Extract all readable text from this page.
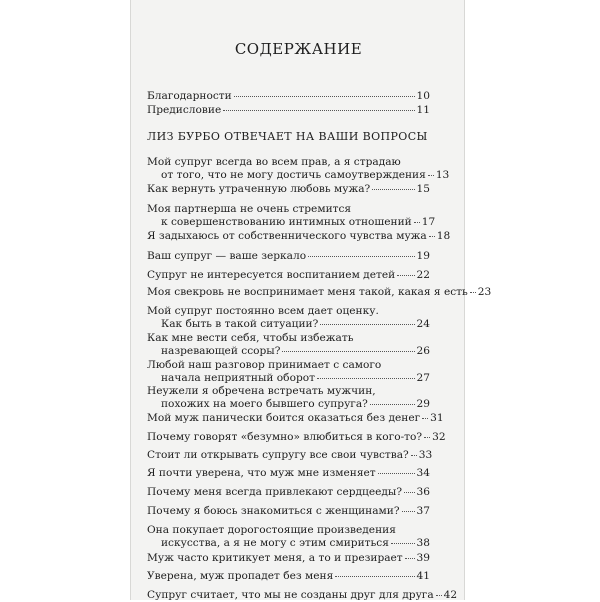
СОДЕРЖАНИЕ
Благодарности	10
Предисловие	11
ЛИЗ БУРБО ОТВЕЧАЕТ НА ВАШИ ВОПРОСЫ
Мой супруг всегда во всем прав, а я страдаю
от того, что не могу достичь самоутверждения 13
Как вернуть утраченную любовь мужа?	15
Моя партнерша не очень стремится
к совершенствованию интимных отношений 17
Я задыхаюсь от собственнического чувства мужа 18
Ваш супруг — ваше зеркало	19
Супруг не интересуется воспитанием детей 22
Моя свекровь не воспринимает меня такой, какая я есть 23
Мой супруг постоянно всем дает оценку.
Как быть в такой ситуации?	24
Как мне вести себя, чтобы избежать
назревающей ссоры?	26
Любой наш разговор принимает с самого
начала неприятный оборот	27
Неужели я обречена встречать мужчин,
похожих на моего бывшего супруга?	29
Мой муж панически боится оказаться без денег 31
Почему говорят «безумно» влюбиться в кого-то? 32
Стоит ли открывать супругу все свои чувства? 33
Я почти уверена, что муж мне изменяет	34
Почему меня всегда привлекают сердцееды? 36
Почему я боюсь знакомиться с женщинами? 37
Она покупает дорогостоящие произведения
искусства, а я не могу с этим смириться	38
Муж часто критикует меня, а то и презирает 39
Уверена, муж пропадет без меня	41
Супруг считает, что мы не созданы друг для друга 42
